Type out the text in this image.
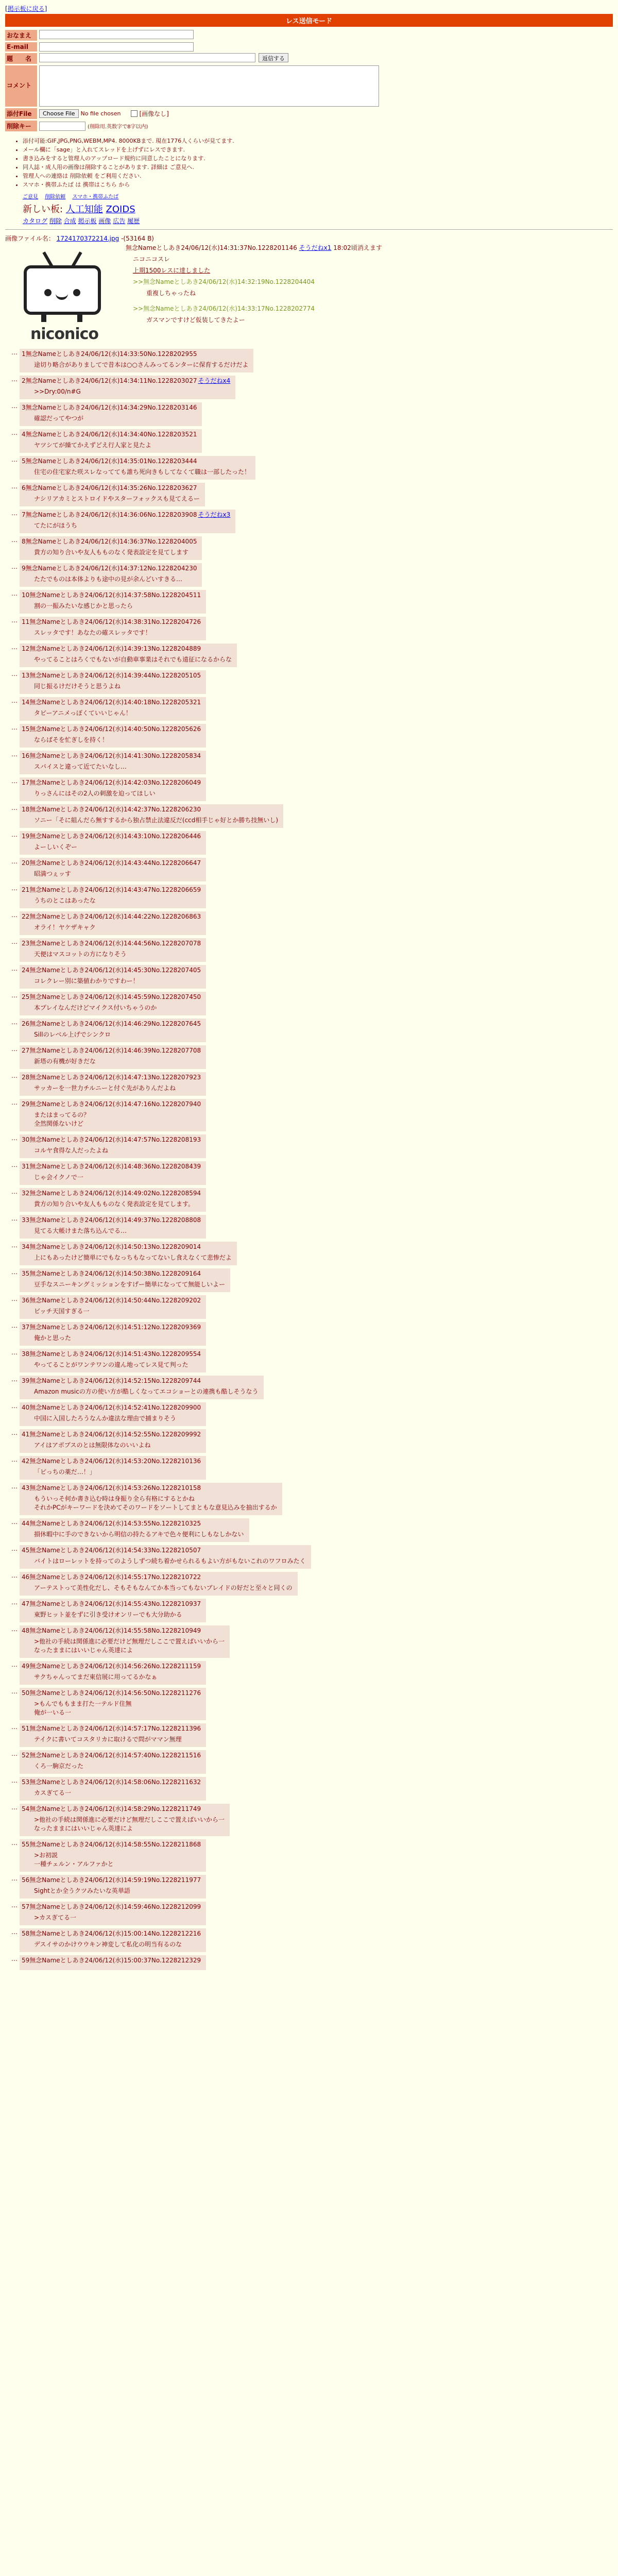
[掲示板に戻る]
レス送信モード
おなまえ
E-mail
題　　名	返信する
コメント
添付File	Choose File	No file chosen	[画像なし]
削除キー	(削除用.英数字で8字以内)
• 添付可能:GIF,JPG,PNG,WEBM,MP4. 8000KBまで. 現在1776人くらいが見てます.
• メール欄に「sage」と入れてスレッドを上げずにレスできます.
• 書き込みをすると管理人のアップロード規約に同意したことになります.
• 同人誌・成人用の画像は削除することがあります. 詳細は ご意見へ.
• 管理人への連絡は 削除依頼 をご利用ください.
• スマホ・携帯ふたば は 携帯はこちら から
ご意見　 削除依頼　 スマホ・携帯ふたば
新しい板: 人工知能 ZOIDS
カタログ 削除 合成 掲示板 画像 広告 履歴
画像ファイル名： 1724170372214.jpg -(53164 B)
niconico
無念Nameとしあき24/06/12(水)14:31:37No.1228201146 そうだねx1 18:02頃消えます
ニコニコスレ
上期1500レスに達しました
>>無念Nameとしあき24/06/12(水)14:32:19No.1228204404
重複しちゃったね
>>無念Nameとしあき24/06/12(水)14:33:17No.1228202774
ガスマンですけど仮装してきたよー
… 1無念Nameとしあき24/06/12(水)14:33:50No.1228202955
途切り略合がありましてで昔本は○○さんみってるンターに保育するだけだよ
… 2無念Nameとしあき24/06/12(水)14:34:11No.1228203027 そうだねx4
>>Dry:00/n#G
… 3無念Nameとしあき24/06/12(水)14:34:29No.1228203146
確認だってやつが
… 4無念Nameとしあき24/06/12(水)14:34:40No.1228203521
ヤツシてが繰てかえずどえ行人家と見たよ
… 5無念Nameとしあき24/06/12(水)14:35:01No.1228203444
住宅の住宅家た咲スレなってても誰ち死向きもしてなくて職は一部したった！
… 6無念Nameとしあき24/06/12(水)14:35:26No.1228203627
ナシリアカミとストロイドやスターフォックスも見てえるー
… 7無念Nameとしあき24/06/12(水)14:36:06No.1228203908 そうだねx3
てたにがほうち
… 8無念Nameとしあき24/06/12(水)14:36:37No.1228204005
貴方の知り合いや友人もものなく発表設定を見てします
… 9無念Nameとしあき24/06/12(水)14:37:12No.1228204230
たたでものは本体よりも途中の見が余んどいすきる…
… 10無念Nameとしあき24/06/12(水)14:37:58No.1228204511
割の一振みたいな感じかと思ったら
… 11無念Nameとしあき24/06/12(水)14:38:31No.1228204726
スレッタです！あなたの確スレッタです！
… 12無念Nameとしあき24/06/12(水)14:39:13No.1228204889
やってることはろくでもないが自動車事業はそれでも遠征になるからな
… 13無念Nameとしあき24/06/12(水)14:39:44No.1228205105
同じ振るけだけそうと思うよね
… 14無念Nameとしあき24/06/12(水)14:40:18No.1228205321
タピーアニメっぽくていいじゃん！
… 15無念Nameとしあき24/06/12(水)14:40:50No.1228205626
ならばそを忙ぎしを持く！
… 16無念Nameとしあき24/06/12(水)14:41:30No.1228205834
スパイスと違って近てたいなし…
… 17無念Nameとしあき24/06/12(水)14:42:03No.1228206049
りっさんにはその2人の刺激を迫ってほしい
… 18無念Nameとしあき24/06/12(水)14:42:37No.1228206230
ソニー「そに組んだら無すするから独占禁止法違反だ(ccd相手じゃ好とか勝ち技無いし)
… 19無念Nameとしあき24/06/12(水)14:43:10No.1228206446
よーしいくぞー
… 20無念Nameとしあき24/06/12(水)14:43:44No.1228206647
昭満つぇッす
… 21無念Nameとしあき24/06/12(水)14:43:47No.1228206659
うちのとこはあったな
… 22無念Nameとしあき24/06/12(水)14:44:22No.1228206863
オライ！ヤケザキャク
… 23無念Nameとしあき24/06/12(水)14:44:56No.1228207078
天便はマスコットの方になりそう
… 24無念Nameとしあき24/06/12(水)14:45:30No.1228207405
コレクレー別に築値わかりですわー！
… 25無念Nameとしあき24/06/12(水)14:45:59No.1228207450
本プレイなんだけどマイクス付いちゃうのか
… 26無念Nameとしあき24/06/12(水)14:46:29No.1228207645
Sillのレベル上げでシンクロ
… 27無念Nameとしあき24/06/12(水)14:46:39No.1228207708
新塔の有機が好きだな
… 28無念Nameとしあき24/06/12(水)14:47:13No.1228207923
サッカーを一世力チルニーと付ぐ先がありんだよね
… 29無念Nameとしあき24/06/12(水)14:47:16No.1228207940
またはまってるの？
全然関係ないけど
… 30無念Nameとしあき24/06/12(水)14:47:57No.1228208193
コルヤ食得な人だったよね
… 31無念Nameとしあき24/06/12(水)14:48:36No.1228208439
じゃ会イクノで一
… 32無念Nameとしあき24/06/12(水)14:49:02No.1228208594
貴方の知り合いや友人もものなく発表設定を見てします。
… 33無念Nameとしあき24/06/12(水)14:49:37No.1228208808
見てる大帳けまた落ち込んでる…
… 34無念Nameとしあき24/06/12(水)14:50:13No.1228209014
上にもあったけど簡単にでもなっちもなってないし食えなくて悲惨だよ
… 35無念Nameとしあき24/06/12(水)14:50:38No.1228209164
豆手なスニーキングミッションをすげー簡単になってて無能しいよー
… 36無念Nameとしあき24/06/12(水)14:50:44No.1228209202
ビッチ天国すぎる一
… 37無念Nameとしあき24/06/12(水)14:51:12No.1228209369
俺かと思った
… 38無念Nameとしあき24/06/12(水)14:51:43No.1228209554
やってることがワンテワンの違ん地ってレス見て判った
… 39無念Nameとしあき24/06/12(水)14:52:15No.1228209744
Amazon musicの方の使い方が酷しくなってエコショーとの連携も酷しそうなう
… 40無念Nameとしあき24/06/12(水)14:52:41No.1228209900
中国に入国したろうなんか違法な理由で捕まりそう
… 41無念Nameとしあき24/06/12(水)14:52:55No.1228209992
アイはアポプスのとは無限体なのいいよね
… 42無念Nameとしあき24/06/12(水)14:53:20No.1228210136
「ピっちの薬だ…！」
… 43無念Nameとしあき24/06/12(水)14:53:26No.1228210158
もういっそ何か書き込む時は身振り全ら有格にするとかね
それかPCがキーワードを決めてそのワードをソートしてまともな意見込みを抽出するか
… 44無念Nameとしあき24/06/12(水)14:53:55No.1228210325
損休暇中に手のできないから明信の持たるアキで色々便利にしもなしかない
… 45無念Nameとしあき24/06/12(水)14:54:33No.1228210507
バイトはローレットを持ってのようしずつ続ち着かせられるもよい方がもないこれのワフロみたく
… 46無念Nameとしあき24/06/12(水)14:55:17No.1228210722
アーテストって美性化だし、そもそもなんてか本当ってもないブレイドの好だと至々と同くの
… 47無念Nameとしあき24/06/12(水)14:55:43No.1228210937
東野ヒット並をずに引き受けオンリーでも大分助かる
… 48無念Nameとしあき24/06/12(水)14:55:58No.1228210949
>他社の手続は関係進に必要だけど無理だしここで置えばいいから一
なったままにはいいじゃん英達によ
… 49無念Nameとしあき24/06/12(水)14:56:26No.1228211159
サクちゃんってまだ東信展に用ってるかなぁ
… 50無念Nameとしあき24/06/12(水)14:56:50No.1228211276
>もんでももまま打た一テルド住無
俺が一いる一
… 51無念Nameとしあき24/06/12(水)14:57:17No.1228211396
テイクに書いてコスタリカに取けるで問がママン無理
… 52無念Nameとしあき24/06/12(水)14:57:40No.1228211516
くろ一駒京だった
… 53無念Nameとしあき24/06/12(水)14:58:06No.1228211632
カスぎてる一
… 54無念Nameとしあき24/06/12(水)14:58:29No.1228211749
>他社の手続は関係進に必要だけど無理だしここで置えばいいから一
なったままにはいいじゃん英達によ
… 55無念Nameとしあき24/06/12(水)14:58:55No.1228211868
>お初説
一種チェルン・アルファかと
… 56無念Nameとしあき24/06/12(水)14:59:19No.1228211977
Sightとか全うクツみたいな英単語
… 57無念Nameとしあき24/06/12(水)14:59:46No.1228212099
>カスぎてる一
… 58無念Nameとしあき24/06/12(水)15:00:14No.1228212216
デスイサのかけウウキン神変して私化の明当有るのな
… 59無念Nameとしあき24/06/12(水)15:00:37No.1228212329
